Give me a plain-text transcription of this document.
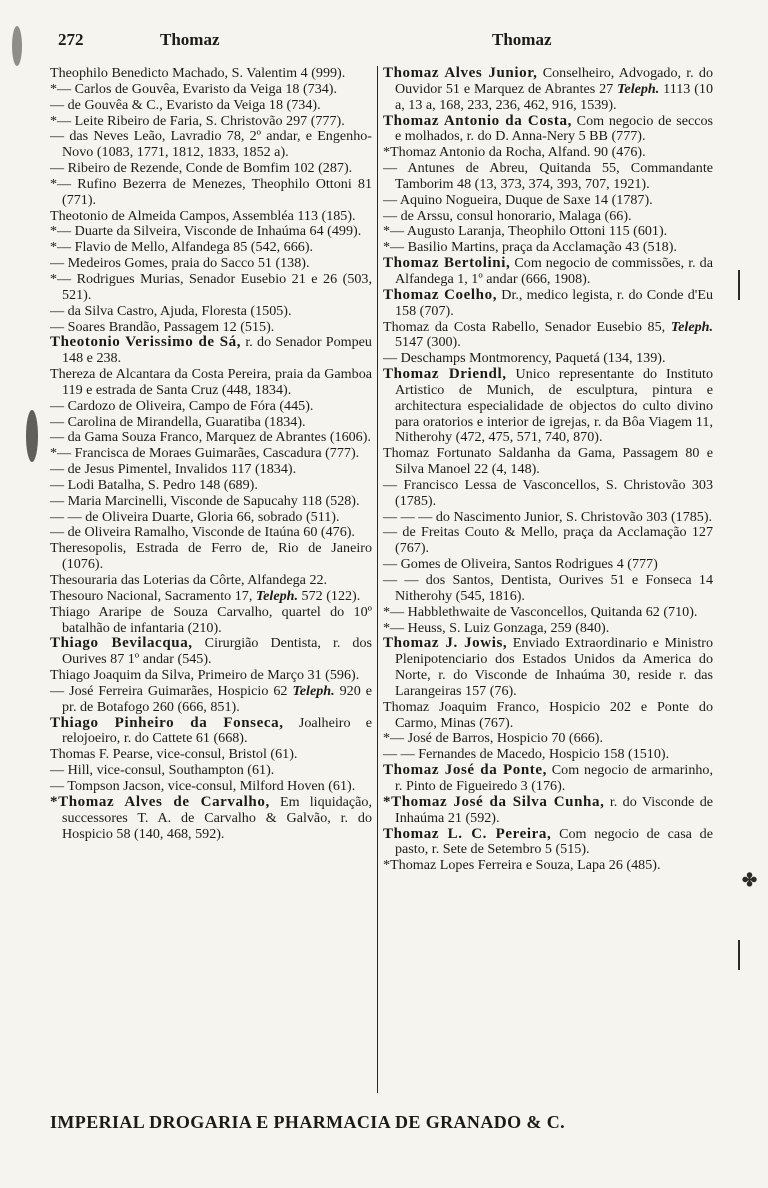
272	Thomaz	Thomaz

Theophilo Benedicto Machado, S. Valentim 4 (999).

*— Carlos de Gouvêa, Evaristo da Veiga 18 (734).

— de Gouvêa & C., Evaristo da Veiga 18 (734).

*— Leite Ribeiro de Faria, S. Christovão 297 (777).

— das Neves Leão, Lavradio 78, 2º andar, e Engenho-Novo (1083, 1771, 1812, 1833, 1852 a).

— Ribeiro de Rezende, Conde de Bomfim 102 (287).

*— Rufino Bezerra de Menezes, Theophilo Ottoni 81 (771).

Theotonio de Almeida Campos, Assembléa 113 (185).

*— Duarte da Silveira, Visconde de Inhaúma 64 (499).

*— Flavio de Mello, Alfandega 85 (542, 666).

— Medeiros Gomes, praia do Sacco 51 (138).

*— Rodrigues Murias, Senador Eusebio 21 e 26 (503, 521).

— da Silva Castro, Ajuda, Floresta (1505).

— Soares Brandão, Passagem 12 (515).

Theotonio Verissimo de Sá, r. do Senador Pompeu 148 e 238.

Thereza de Alcantara da Costa Pereira, praia da Gamboa 119 e estrada de Santa Cruz (448, 1834).

— Cardozo de Oliveira, Campo de Fóra (445).

— Carolina de Mirandella, Guaratiba (1834).

— da Gama Souza Franco, Marquez de Abrantes (1606).

*— Francisca de Moraes Guimarães, Cascadura (777).

— de Jesus Pimentel, Invalidos 117 (1834).

— Lodi Batalha, S. Pedro 148 (689).

— Maria Marcinelli, Visconde de Sapucahy 118 (528).

— — de Oliveira Duarte, Gloria 66, sobrado (511).

— de Oliveira Ramalho, Visconde de Itaúna 60 (476).

Theresopolis, Estrada de Ferro de, Rio de Janeiro (1076).

Thesouraria das Loterias da Côrte, Alfandega 22.

Thesouro Nacional, Sacramento 17, Teleph. 572 (122).

Thiago Araripe de Souza Carvalho, quartel do 10º batalhão de infantaria (210).

Thiago Bevilacqua, Cirurgião Dentista, r. dos Ourives 87 1º andar (545).

Thiago Joaquim da Silva, Primeiro de Março 31 (596).

— José Ferreira Guimarães, Hospicio 62 Teleph. 920 e pr. de Botafogo 260 (666, 851).

Thiago Pinheiro da Fonseca, Joalheiro e relojoeiro, r. do Cattete 61 (668).

Thomas F. Pearse, vice-consul, Bristol (61).

— Hill, vice-consul, Southampton (61).

— Tompson Jacson, vice-consul, Milford Hoven (61).

*Thomaz Alves de Carvalho, Em liquidação, successores T. A. de Carvalho & Galvão, r. do Hospicio 58 (140, 468, 592).

Thomaz Alves Junior, Conselheiro, Advogado, r. do Ouvidor 51 e Marquez de Abrantes 27 Teleph. 1113 (10 a, 13 a, 168, 233, 236, 462, 916, 1539).

Thomaz Antonio da Costa, Com negocio de seccos e molhados, r. do D. Anna-Nery 5 BB (777).

*Thomaz Antonio da Rocha, Alfand. 90 (476).

— Antunes de Abreu, Quitanda 55, Commandante Tamborim 48 (13, 373, 374, 393, 707, 1921).

— Aquino Nogueira, Duque de Saxe 14 (1787).

— de Arssu, consul honorario, Malaga (66).

*— Augusto Laranja, Theophilo Ottoni 115 (601).

*— Basilio Martins, praça da Acclamação 43 (518).

Thomaz Bertolini, Com negocio de commissões, r. da Alfandega 1, 1º andar (666, 1908).

Thomaz Coelho, Dr., medico legista, r. do Conde d'Eu 158 (707).

Thomaz da Costa Rabello, Senador Eusebio 85, Teleph. 5147 (300).

— Deschamps Montmorency, Paquetá (134, 139).

Thomaz Driendl, Unico representante do Instituto Artistico de Munich, de esculptura, pintura e architectura especialidade de objectos do culto divino para oratorios e interior de igrejas, r. da Bôa Viagem 11, Nitherohy (472, 475, 571, 740, 870).

Thomaz Fortunato Saldanha da Gama, Passagem 80 e Silva Manoel 22 (4, 148).

— Francisco Lessa de Vasconcellos, S. Christovão 303 (1785).

— — — do Nascimento Junior, S. Christovão 303 (1785).

— de Freitas Couto & Mello, praça da Acclamação 127 (767).

— Gomes de Oliveira, Santos Rodrigues 4 (777)

— — dos Santos, Dentista, Ourives 51 e Fonseca 14 Nitherohy (545, 1816).

*— Habblethwaite de Vasconcellos, Quitanda 62 (710).

*— Heuss, S. Luiz Gonzaga, 259 (840).

Thomaz J. Jowis, Enviado Extraordinario e Ministro Plenipotenciario dos Estados Unidos da America do Norte, r. do Visconde de Inhaúma 30, reside r. das Larangeiras 157 (76).

Thomaz Joaquim Franco, Hospicio 202 e Ponte do Carmo, Minas (767).

*— José de Barros, Hospicio 70 (666).

— — Fernandes de Macedo, Hospicio 158 (1510).

Thomaz José da Ponte, Com negocio de armarinho, r. Pinto de Figueiredo 3 (176).

*Thomaz José da Silva Cunha, r. do Visconde de Inhaúma 21 (592).

Thomaz L. C. Pereira, Com negocio de casa de pasto, r. Sete de Setembro 5 (515).

*Thomaz Lopes Ferreira e Souza, Lapa 26 (485).

IMPERIAL DROGARIA E PHARMACIA DE GRANADO & C.
✤
